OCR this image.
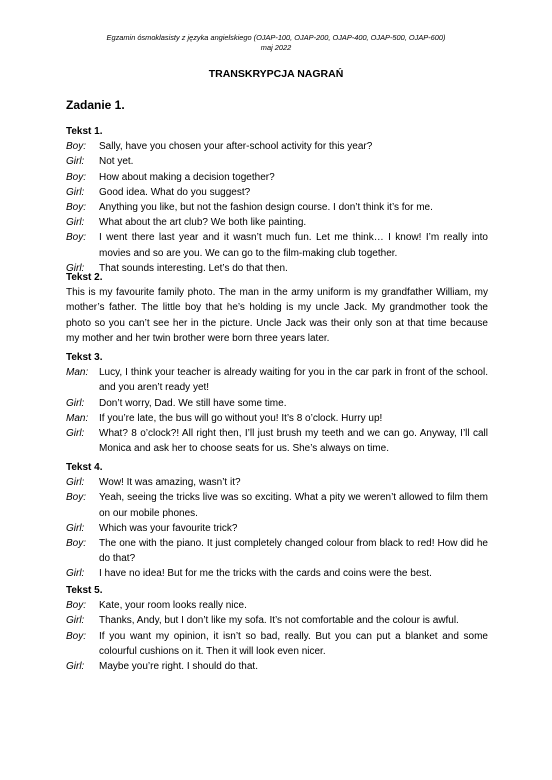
Egzamin ósmoklasisty z języka angielskiego (OJAP-100, OJAP-200, OJAP-400, OJAP-500, OJAP-600)
maj 2022
TRANSKRYPCJA NAGRAŃ
Zadanie 1.
Tekst 1.
Boy:	Sally, have you chosen your after-school activity for this year?
Girl:	Not yet.
Boy:	How about making a decision together?
Girl:	Good idea. What do you suggest?
Boy:	Anything you like, but not the fashion design course. I don’t think it’s for me.
Girl:	What about the art club? We both like painting.
Boy:	I went there last year and it wasn’t much fun. Let me think… I know! I’m really into movies and so are you. We can go to the film-making club together.
Girl:	That sounds interesting. Let’s do that then.
Tekst 2.
This is my favourite family photo. The man in the army uniform is my grandfather William, my mother’s father. The little boy that he’s holding is my uncle Jack. My grandmother took the photo so you can’t see her in the picture. Uncle Jack was their only son at that time because my mother and her twin brother were born three years later.
Tekst 3.
Man:	Lucy, I think your teacher is already waiting for you in the car park in front of the school. and you aren’t ready yet!
Girl:	Don’t worry, Dad. We still have some time.
Man:	If you’re late, the bus will go without you! It’s 8 o’clock. Hurry up!
Girl:	What? 8 o’clock?! All right then, I’ll just brush my teeth and we can go. Anyway, I’ll call Monica and ask her to choose seats for us. She’s always on time.
Tekst 4.
Girl:	Wow! It was amazing, wasn’t it?
Boy:	Yeah, seeing the tricks live was so exciting. What a pity we weren’t allowed to film them on our mobile phones.
Girl:	Which was your favourite trick?
Boy:	The one with the piano. It just completely changed colour from black to red! How did he do that?
Girl:	I have no idea! But for me the tricks with the cards and coins were the best.
Tekst 5.
Boy:	Kate, your room looks really nice.
Girl:	Thanks, Andy, but I don’t like my sofa. It’s not comfortable and the colour is awful.
Boy:	If you want my opinion, it isn’t so bad, really. But you can put a blanket and some colourful cushions on it. Then it will look even nicer.
Girl:	Maybe you’re right. I should do that.
